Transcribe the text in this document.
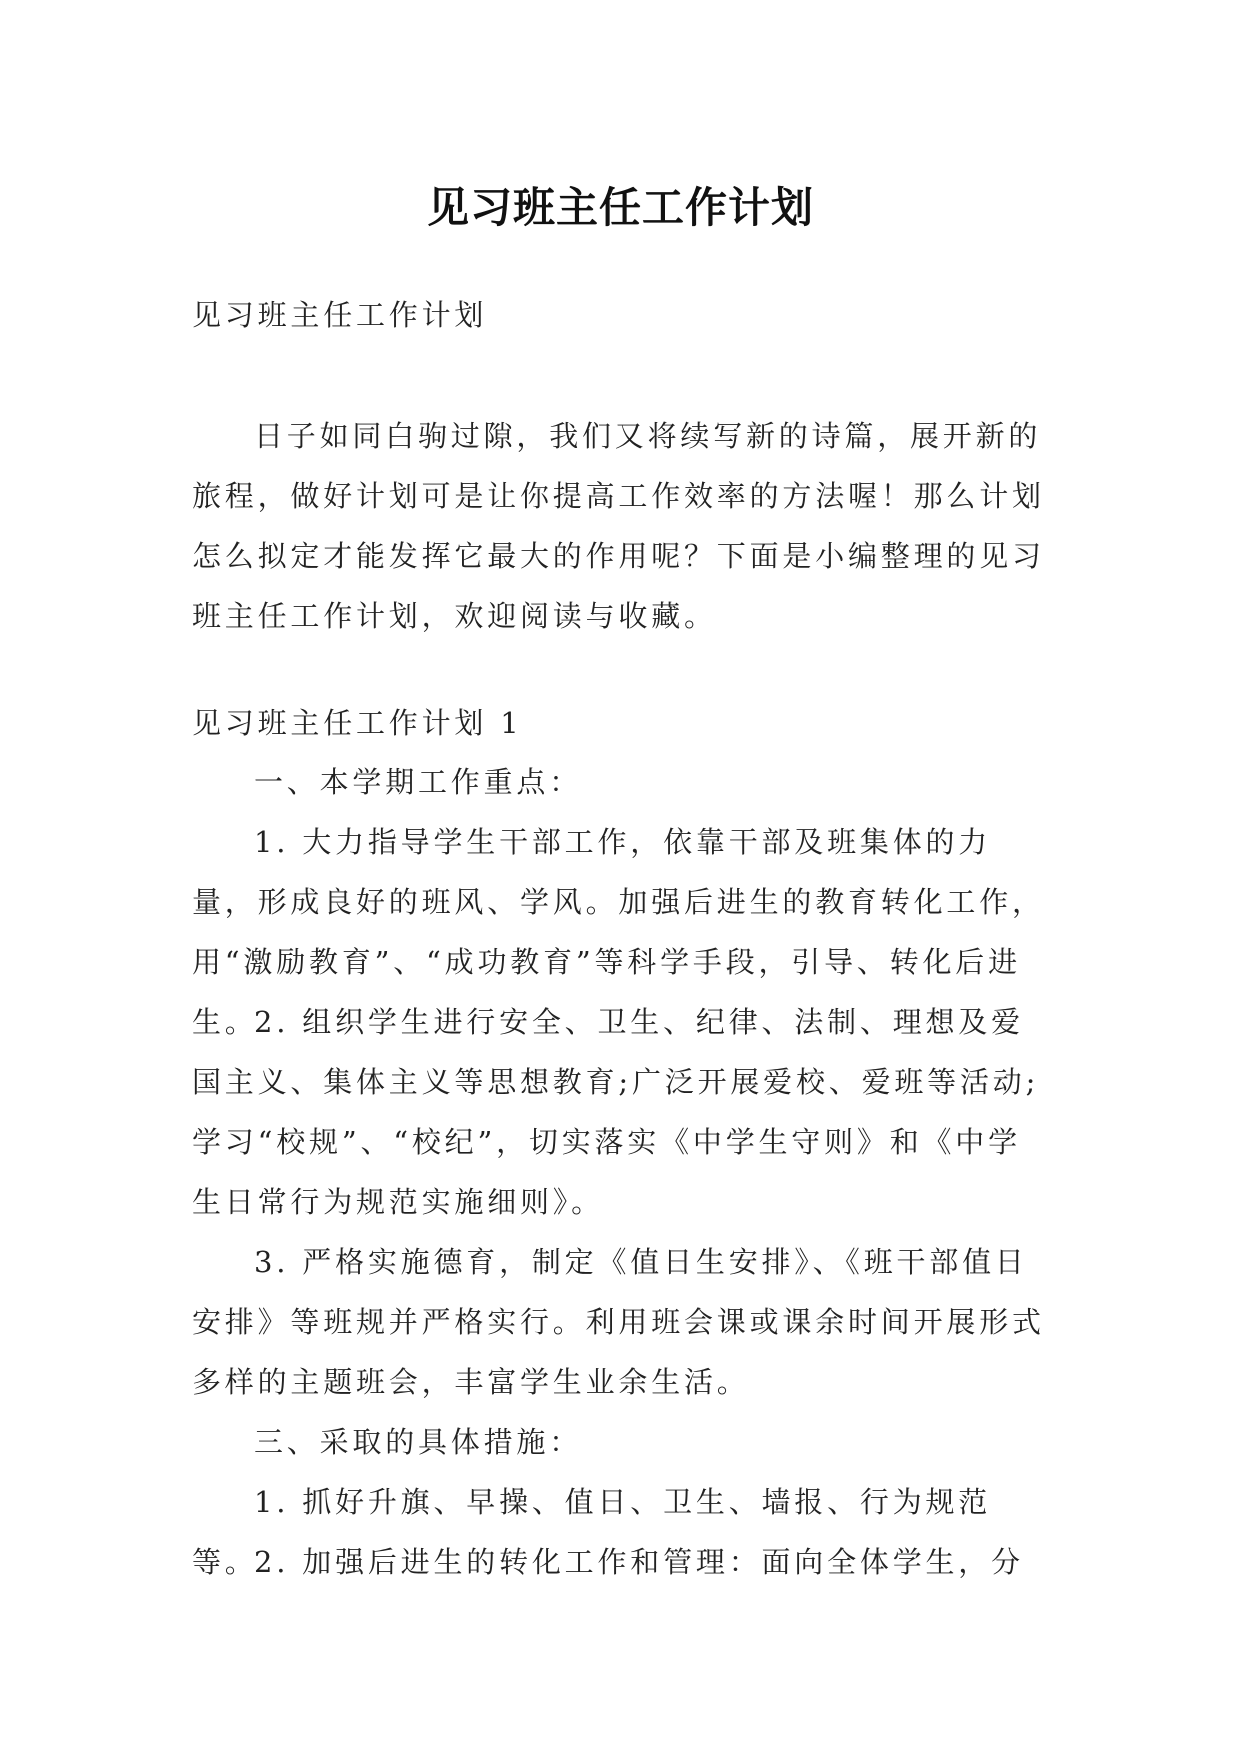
见习班主任工作计划

见习班主任工作计划

日子如同白驹过隙，我们又将续写新的诗篇，展开新的旅程，做好计划可是让你提高工作效率的方法喔！那么计划怎么拟定才能发挥它最大的作用呢？下面是小编整理的见习班主任工作计划，欢迎阅读与收藏。

见习班主任工作计划 1

一、本学期工作重点：

1. 大力指导学生干部工作，依靠干部及班集体的力量，形成良好的班风、学风。加强后进生的教育转化工作，用“激励教育”、“成功教育”等科学手段，引导、转化后进生。

2. 组织学生进行安全、卫生、纪律、法制、理想及爱国主义、集体主义等思想教育;广泛开展爱校、爱班等活动;学习“校规”、“校纪”，切实落实《中学生守则》和《中学生日常行为规范实施细则》。

3. 严格实施德育，制定《值日生安排》、《班干部值日安排》等班规并严格实行。利用班会课或课余时间开展形式多样的主题班会，丰富学生业余生活。

三、采取的具体措施：

1. 抓好升旗、早操、值日、卫生、墙报、行为规范等。

2. 加强后进生的转化工作和管理：面向全体学生，分
